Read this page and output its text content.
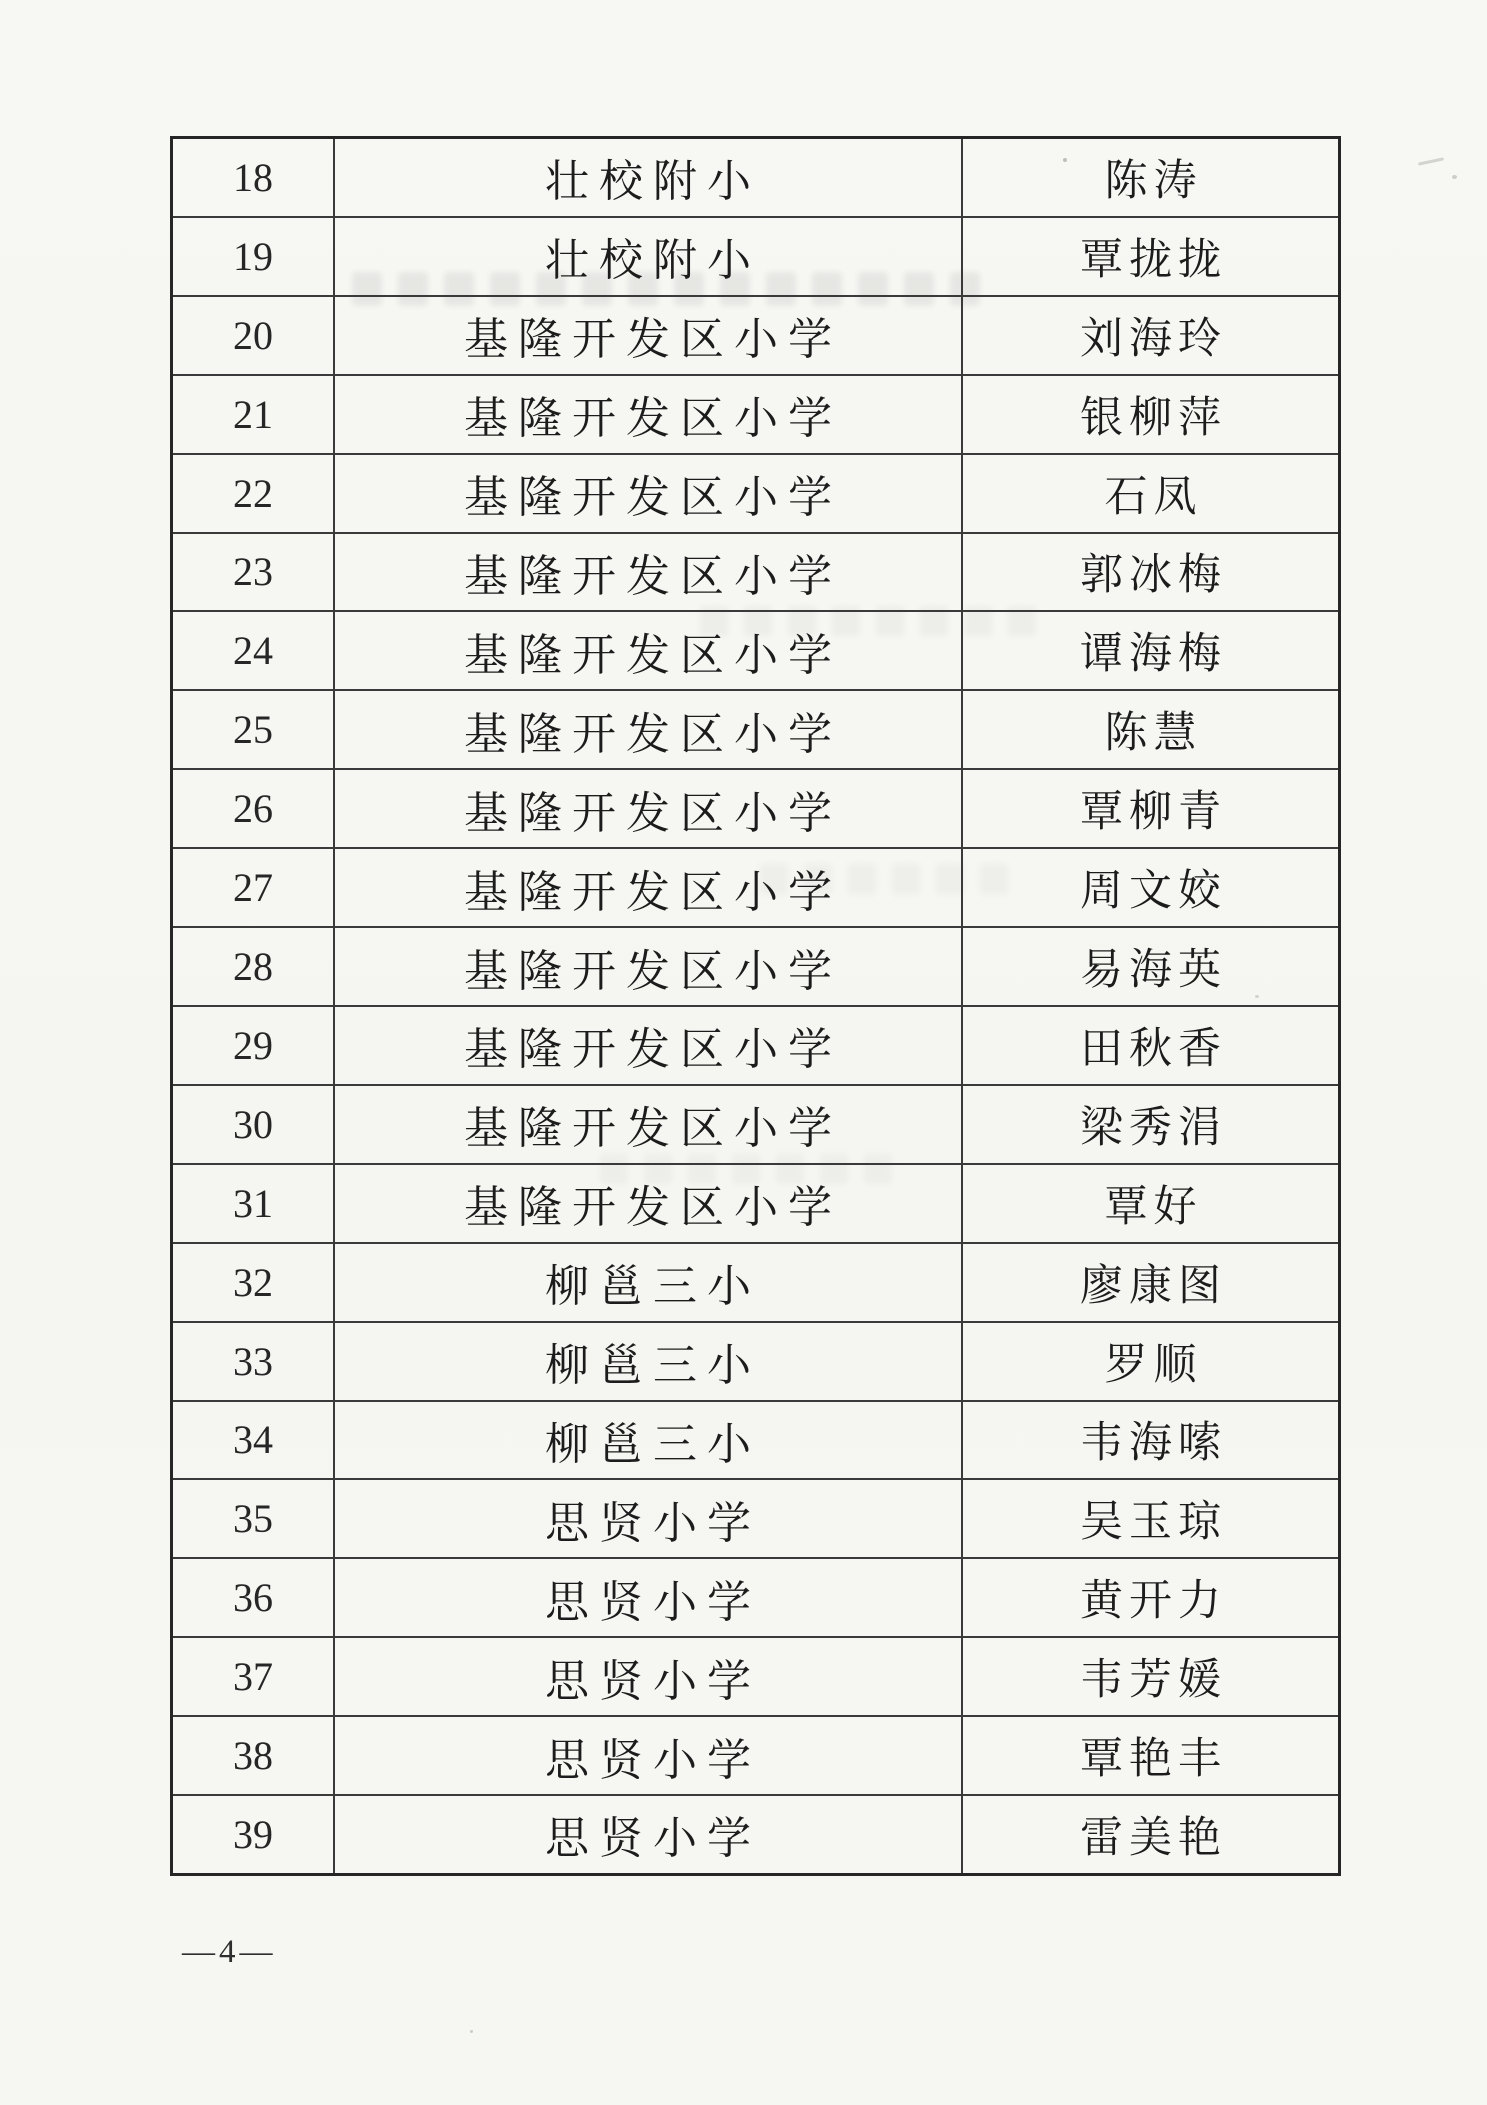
18	壮校附小	陈涛
19	壮校附小	覃拢拢
20	基隆开发区小学	刘海玲
21	基隆开发区小学	银柳萍
22	基隆开发区小学	石凤
23	基隆开发区小学	郭冰梅
24	基隆开发区小学	谭海梅
25	基隆开发区小学	陈慧
26	基隆开发区小学	覃柳青
27	基隆开发区小学	周文姣
28	基隆开发区小学	易海英
29	基隆开发区小学	田秋香
30	基隆开发区小学	梁秀涓
31	基隆开发区小学	覃好
32	柳邕三小	廖康图
33	柳邕三小	罗顺
34	柳邕三小	韦海嗦
35	思贤小学	吴玉琼
36	思贤小学	黄开力
37	思贤小学	韦芳媛
38	思贤小学	覃艳丰
39	思贤小学	雷美艳
—4—
